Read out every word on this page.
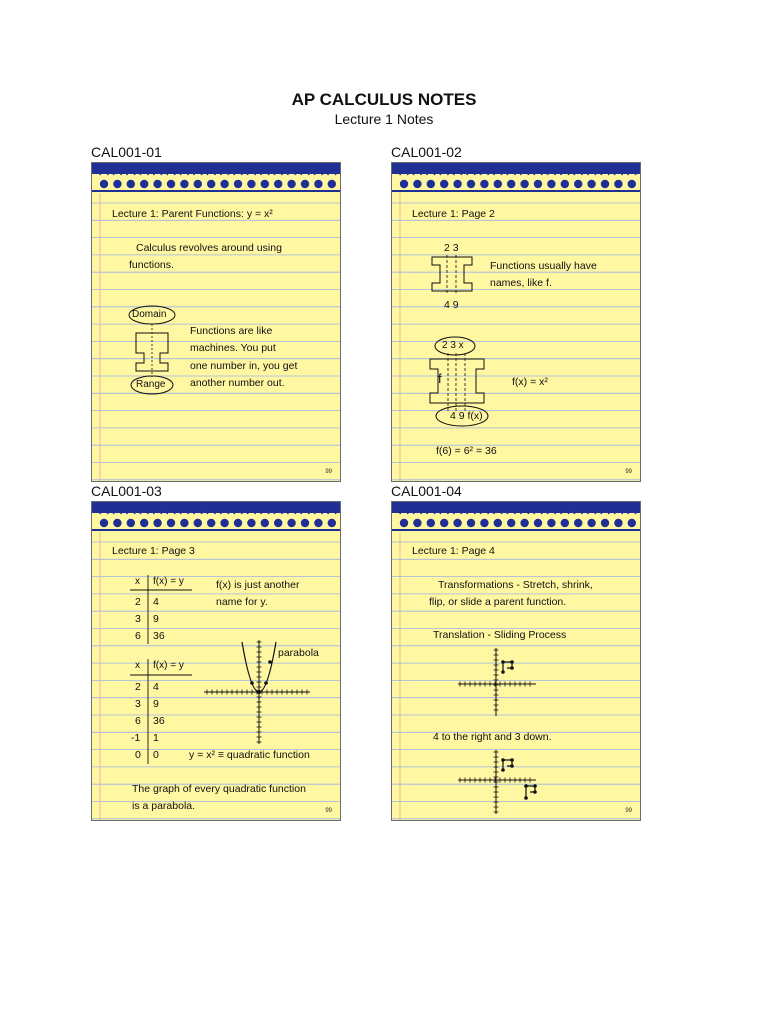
AP CALCULUS NOTES
Lecture 1 Notes
CAL001-01	CAL001-02
CAL001-03	CAL001-04
Lecture 1: Parent Functions: y = x²
Calculus revolves around using
functions.
Domain
Range
Functions are like
machines. You put
one number in, you get
another number out.
99
Lecture 1: Page 2
2 3
Functions usually have
names, like f.
4 9
2 3 x
f	f(x) = x²
4 9 f(x)
f(6) = 6² = 36
99
x f(x) = y
2 4
3 9
6 36
Lecture 1: Page 3
f(x) is just another
name for y.
parabola
x f(x) = y
2 4
3 9
6 36
-1 1
0 0	y = x² ≡ quadratic function
The graph of every quadratic function
is a parabola.	99
Lecture 1: Page 4
Transformations - Stretch, shrink,
flip, or slide a parent function.
Translation - Sliding Process
4 to the right and 3 down.
99
